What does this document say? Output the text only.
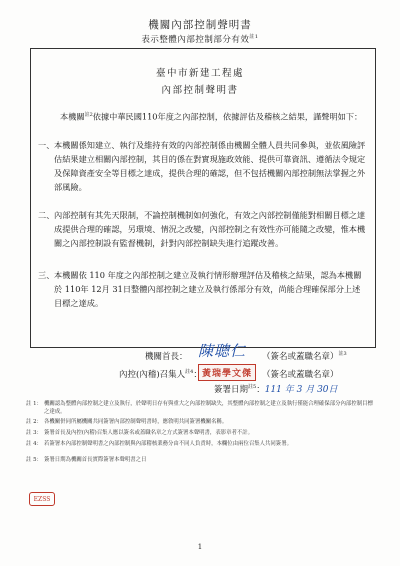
機關內部控制聲明書
表示整體內部控制部分有效$^{註1}$
臺中市新建工程處
內部控制聲明書
本機關$^{註2}$依據中華民國110年度之內部控制，依據評估及稽核之結果，謹聲明如下：
一、 本機關係知建立、執行及維持有效的內部控制係由機關全體人員共同參與，並依風險評估結果建立相關內部控制，其目的係在對實現施政效能、提供可靠資訊、遵循法令規定及保障資產安全等目標之達成，提供合理的確認，但不包括機關內部控制無法掌握之外部風險。
二、 內部控制有其先天限制，不論控制機制如何強化，有效之內部控制僅能對相關目標之達成提供合理的確認，另環境、情況之改變，內部控制之有效性亦可能隨之改變，惟本機關之內部控制設有監督機制，針對內部控制缺失進行追蹤改善。
三、 本機關依 110 年度之內部控制之建立及執行情形辦理評估及稽核之結果，認為本機關於 110年 12月 31日整體內部控制之建立及執行係部分有效，尚能合理確保部分上述目標之達成。
機關首長： 陳聰仁 （簽名或蓋職名章）$^{註3}$
內控(內稽)召集人$^{註4}$： 黃瑞學文傑	（簽名或蓋職名章）
簽署日期$^{註5}$：111 年 3 月 30日
註 1： 機關認為整體內部控制之建立及執行，於聲明日存有與重大之內部控制缺失，其整體內部控制之建立及執行僅能合理確保部分內部控制目標之達成。
註 2： 各機關併同所屬機關共同簽署內部控制聲明書時，應敘明共同簽署機關名稱。
註 3： 簽署首長及內控(內稽)召集人應以簽名或蓋職名章之方式簽署本聲明書，表影章者不計。
註 4： 若簽署本內部控制聲明書之內部控制與內部稽核業務分由不同人負責時，本欄位由兩位召集人共同簽署。
註 5： 簽署日期為機關首長實際簽署本聲明書之日
EZSS
1
